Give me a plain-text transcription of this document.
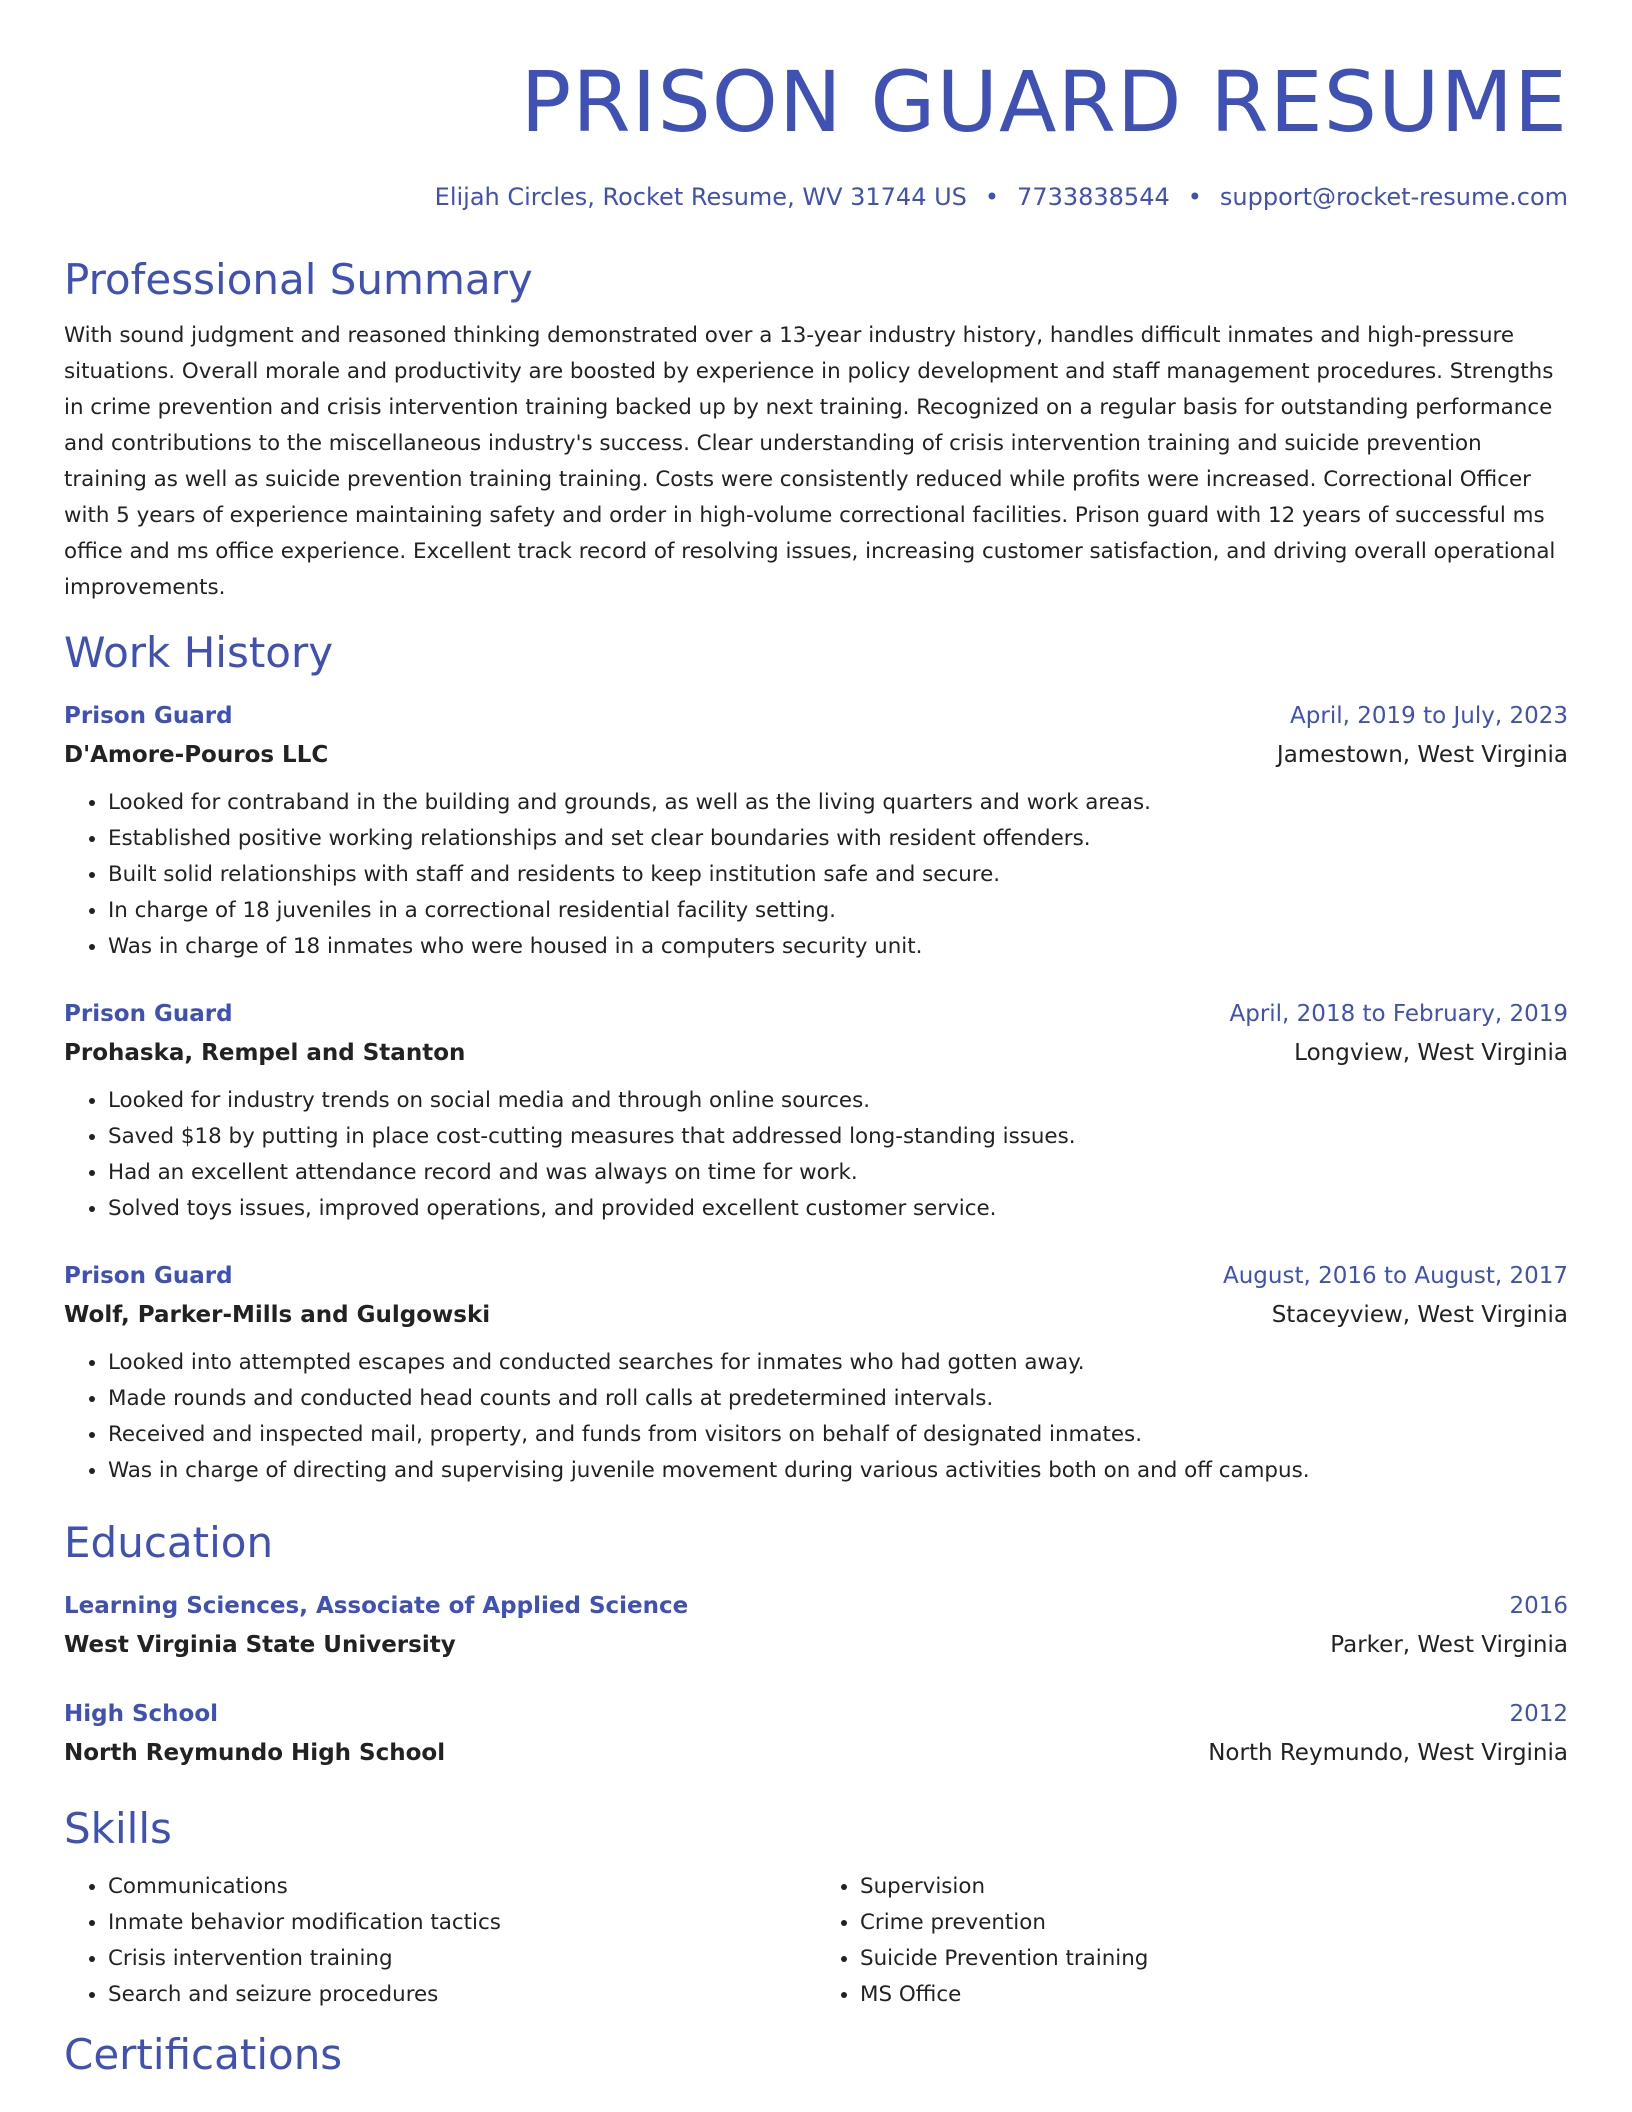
PRISON GUARD RESUME
Elijah Circles, Rocket Resume, WV 31744 US • 7733838544 • support@rocket-resume.com
Professional Summary

With sound judgment and reasoned thinking demonstrated over a 13-year industry history, handles difficult inmates and high-pressure situations. Overall morale and productivity are boosted by experience in policy development and staff management procedures. Strengths in crime prevention and crisis intervention training backed up by next training. Recognized on a regular basis for outstanding performance and contributions to the miscellaneous industry's success. Clear understanding of crisis intervention training and suicide prevention training as well as suicide prevention training training. Costs were consistently reduced while profits were increased. Correctional Officer with 5 years of experience maintaining safety and order in high-volume correctional facilities. Prison guard with 12 years of successful ms office and ms office experience. Excellent track record of resolving issues, increasing customer satisfaction, and driving overall operational improvements.

Work History
Prison Guard	April, 2019 to July, 2023
D'Amore-Pouros LLC	Jamestown, West Virginia
• Looked for contraband in the building and grounds, as well as the living quarters and work areas.
• Established positive working relationships and set clear boundaries with resident offenders.
• Built solid relationships with staff and residents to keep institution safe and secure.
• In charge of 18 juveniles in a correctional residential facility setting.
• Was in charge of 18 inmates who were housed in a computers security unit.
Prison Guard	April, 2018 to February, 2019
Prohaska, Rempel and Stanton	Longview, West Virginia
• Looked for industry trends on social media and through online sources.
• Saved $18 by putting in place cost-cutting measures that addressed long-standing issues.
• Had an excellent attendance record and was always on time for work.
• Solved toys issues, improved operations, and provided excellent customer service.
Prison Guard	August, 2016 to August, 2017
Wolf, Parker-Mills and Gulgowski	Staceyview, West Virginia
• Looked into attempted escapes and conducted searches for inmates who had gotten away.
• Made rounds and conducted head counts and roll calls at predetermined intervals.
• Received and inspected mail, property, and funds from visitors on behalf of designated inmates.
• Was in charge of directing and supervising juvenile movement during various activities both on and off campus.
Education
Learning Sciences, Associate of Applied Science	2016
West Virginia State University	Parker, West Virginia
High School	2012
North Reymundo High School	North Reymundo, West Virginia
Skills
• Communications
• Inmate behavior modification tactics
• Crisis intervention training
• Search and seizure procedures
• Supervision
• Crime prevention
• Suicide Prevention training
• MS Office
Certifications
